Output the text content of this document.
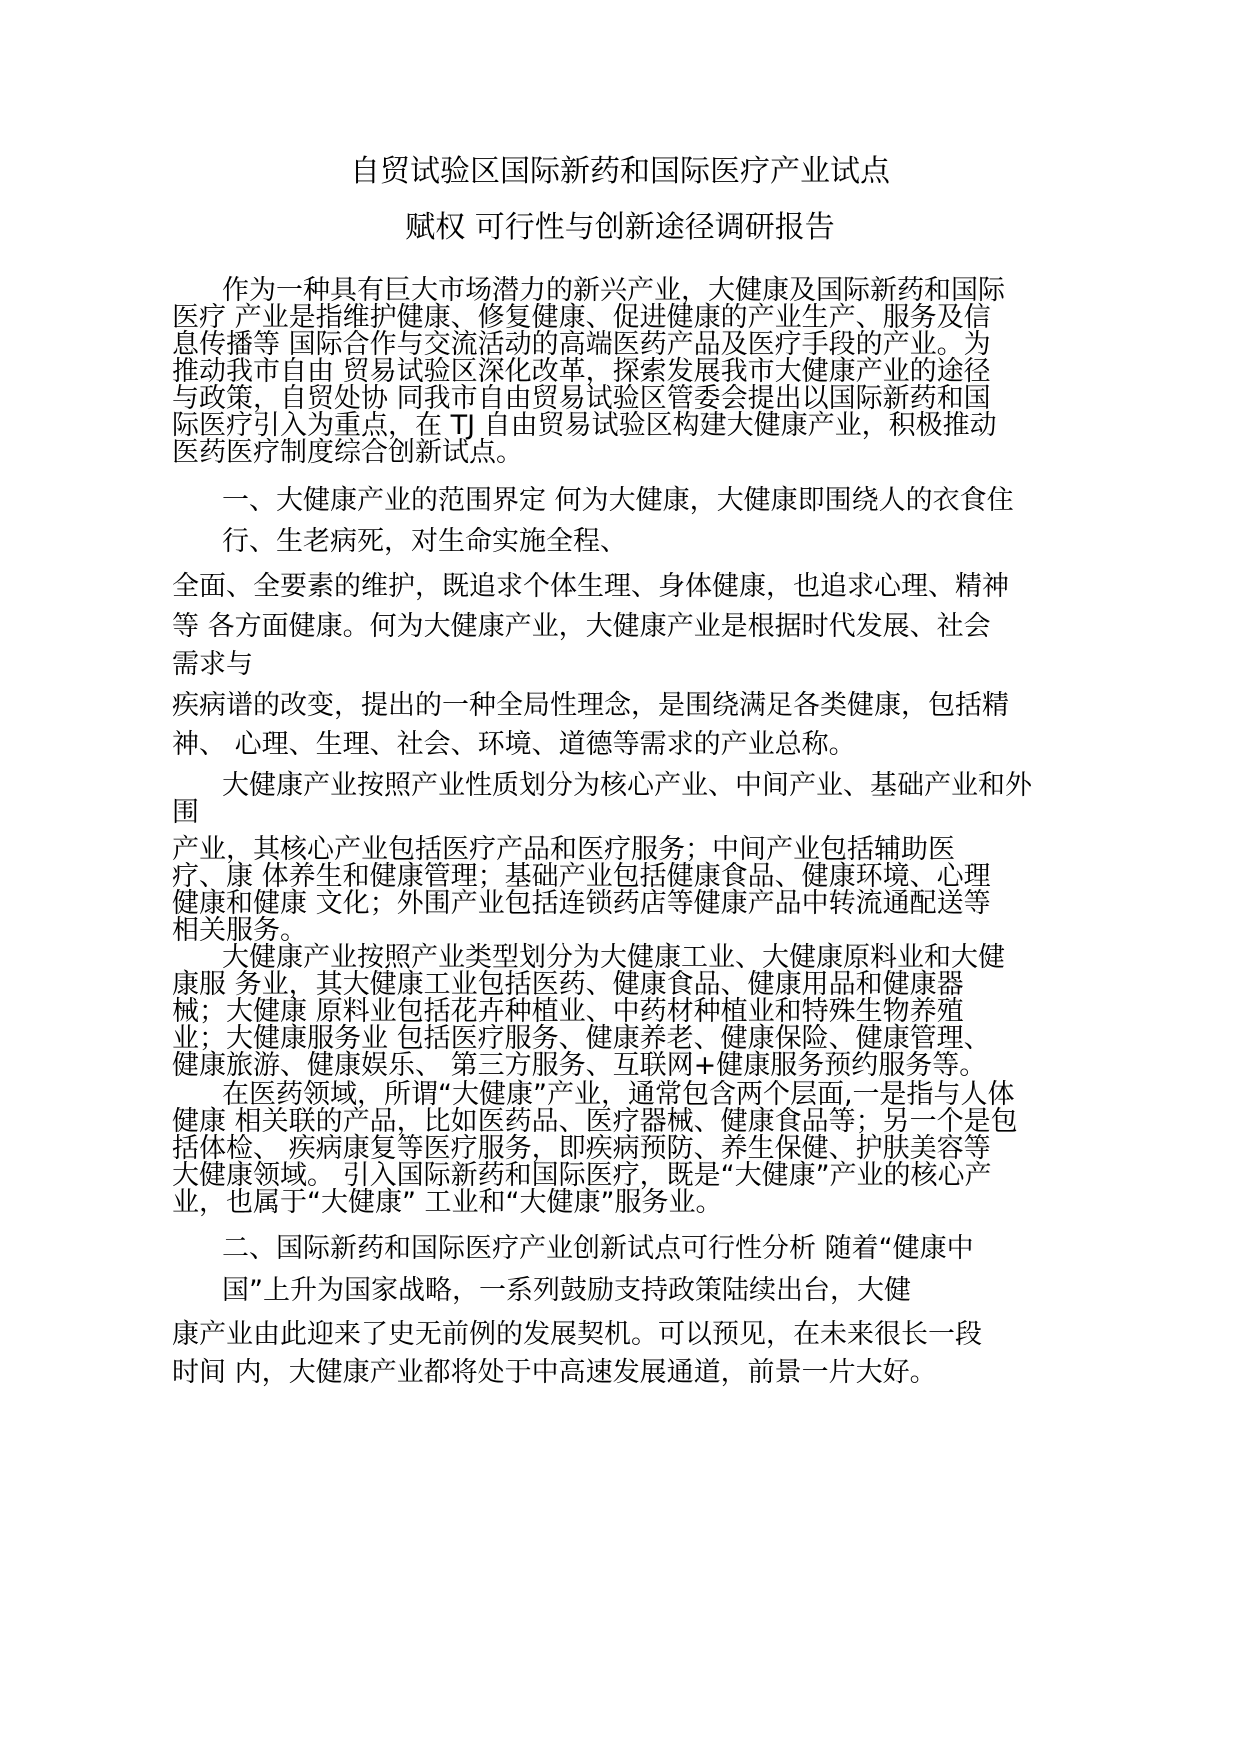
自贸试验区国际新药和国际医疗产业试点
赋权 可行性与创新途径调研报告
作为一种具有巨大市场潜力的新兴产业，大健康及国际新药和国际
医疗 产业是指维护健康、修复健康、促进健康的产业生产、服务及信
息传播等 国际合作与交流活动的高端医药产品及医疗手段的产业。为
推动我市自由 贸易试验区深化改革，探索发展我市大健康产业的途径
与政策，自贸处协 同我市自由贸易试验区管委会提出以国际新药和国
际医疗引入为重点，在 TJ 自由贸易试验区构建大健康产业，积极推动
医药医疗制度综合创新试点。
一、大健康产业的范围界定 何为大健康，大健康即围绕人的衣食住
行、生老病死，对生命实施全程、
全面、全要素的维护，既追求个体生理、身体健康，也追求心理、精神
等 各方面健康。何为大健康产业，大健康产业是根据时代发展、社会
需求与
疾病谱的改变，提出的一种全局性理念，是围绕满足各类健康，包括精
神、 心理、生理、社会、环境、道德等需求的产业总称。
大健康产业按照产业性质划分为核心产业、中间产业、基础产业和外
围
产业，其核心产业包括医疗产品和医疗服务；中间产业包括辅助医
疗、康 体养生和健康管理；基础产业包括健康食品、健康环境、心理
健康和健康 文化；外围产业包括连锁药店等健康产品中转流通配送等
相关服务。
大健康产业按照产业类型划分为大健康工业、大健康原料业和大健
康服 务业，其大健康工业包括医药、健康食品、健康用品和健康器
械；大健康 原料业包括花卉种植业、中药材种植业和特殊生物养殖
业；大健康服务业 包括医疗服务、健康养老、健康保险、健康管理、
健康旅游、健康娱乐、 第三方服务、互联网+健康服务预约服务等。
在医药领域，所谓“大健康”产业，通常包含两个层面,一是指与人体
健康 相关联的产品，比如医药品、医疗器械、健康食品等；另一个是包
括体检、 疾病康复等医疗服务，即疾病预防、养生保健、护肤美容等
大健康领域。 引入国际新药和国际医疗，既是“大健康”产业的核心产
业，也属于“大健康” 工业和“大健康”服务业。
二、国际新药和国际医疗产业创新试点可行性分析 随着“健康中
国”上升为国家战略，一系列鼓励支持政策陆续出台，大健
康产业由此迎来了史无前例的发展契机。可以预见，在未来很长一段
时间 内，大健康产业都将处于中高速发展通道，前景一片大好。
